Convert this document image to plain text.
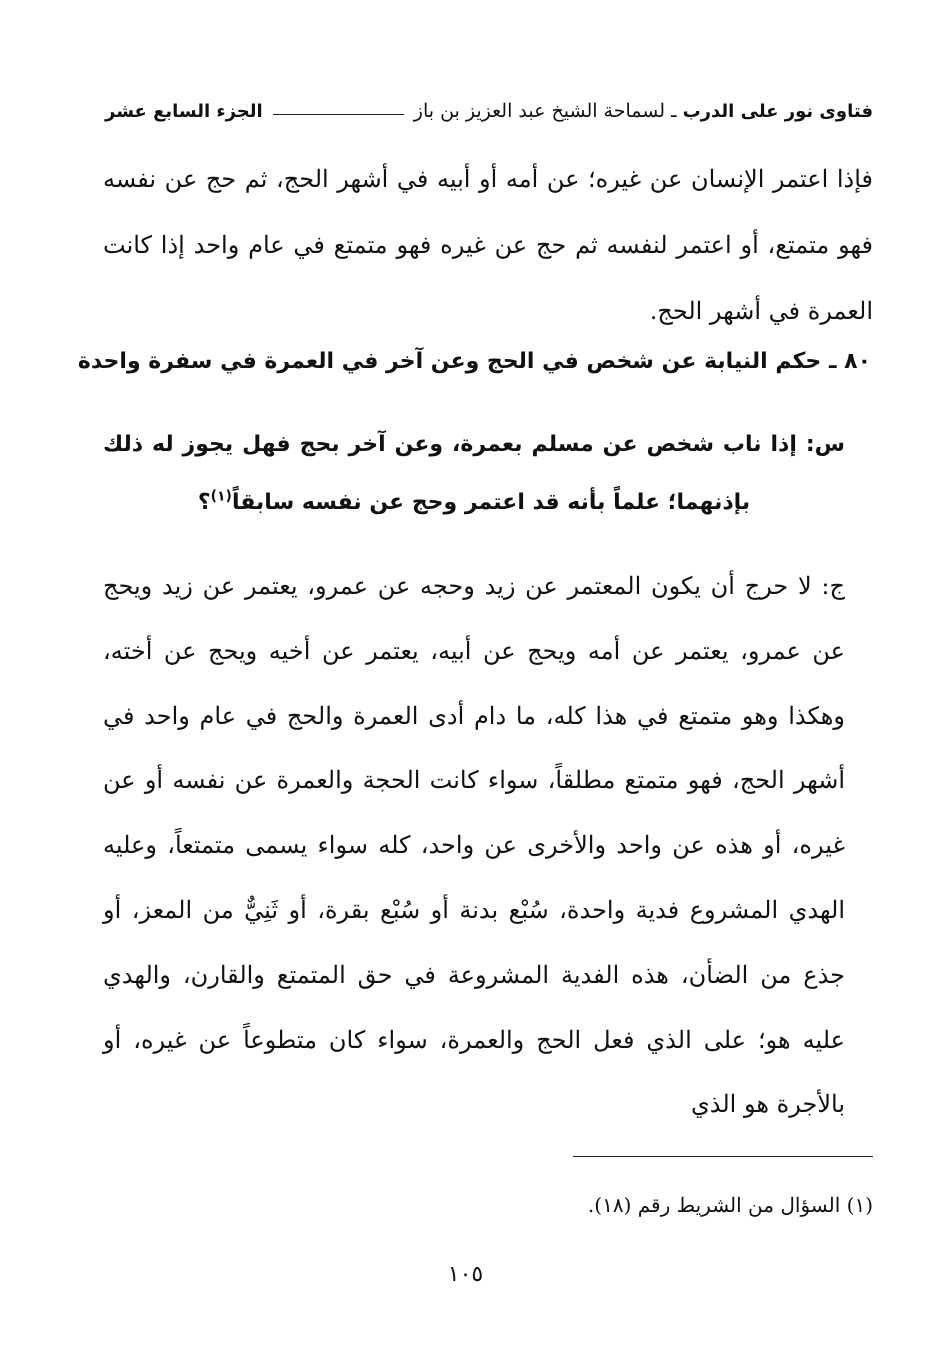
فتاوى نور على الدرب
ـ
لسماحة الشيخ عبد العزيز بن باز
الجزء السابع عشر
فإذا اعتمر الإنسان عن غيره؛ عن أمه أو أبيه في أشهر الحج، ثم حج عن نفسه فهو متمتع، أو اعتمر لنفسه ثم حج عن غيره فهو متمتع في عام واحد إذا كانت العمرة في أشهر الحج.
٨٠ ـ حكم النيابة عن شخص في الحج وعن آخر في العمرة في سفرة واحدة
س: إذا ناب شخص عن مسلم بعمرة، وعن آخر بحج فهل يجوز له ذلك بإذنهما؛ علماً بأنه قد اعتمر وحج عن نفسه سابقاً$^{(١)}$؟
ج: لا حرج أن يكون المعتمر عن زيد وحجه عن عمرو، يعتمر عن زيد ويحج عن عمرو، يعتمر عن أمه ويحج عن أبيه، يعتمر عن أخيه ويحج عن أخته، وهكذا وهو متمتع في هذا كله، ما دام أدى العمرة والحج في عام واحد في أشهر الحج، فهو متمتع مطلقاً، سواء كانت الحجة والعمرة عن نفسه أو عن غيره، أو هذه عن واحد والأخرى عن واحد، كله سواء يسمى متمتعاً، وعليه الهدي المشروع فدية واحدة، سُبْع بدنة أو سُبْع بقرة، أو ثَنِيٌّ من المعز، أو جذع من الضأن، هذه الفدية المشروعة في حق المتمتع والقارن، والهدي عليه هو؛ على الذي فعل الحج والعمرة، سواء كان متطوعاً عن غيره، أو بالأجرة هو الذي
(١) السؤال من الشريط رقم (١٨).
١٠٥
